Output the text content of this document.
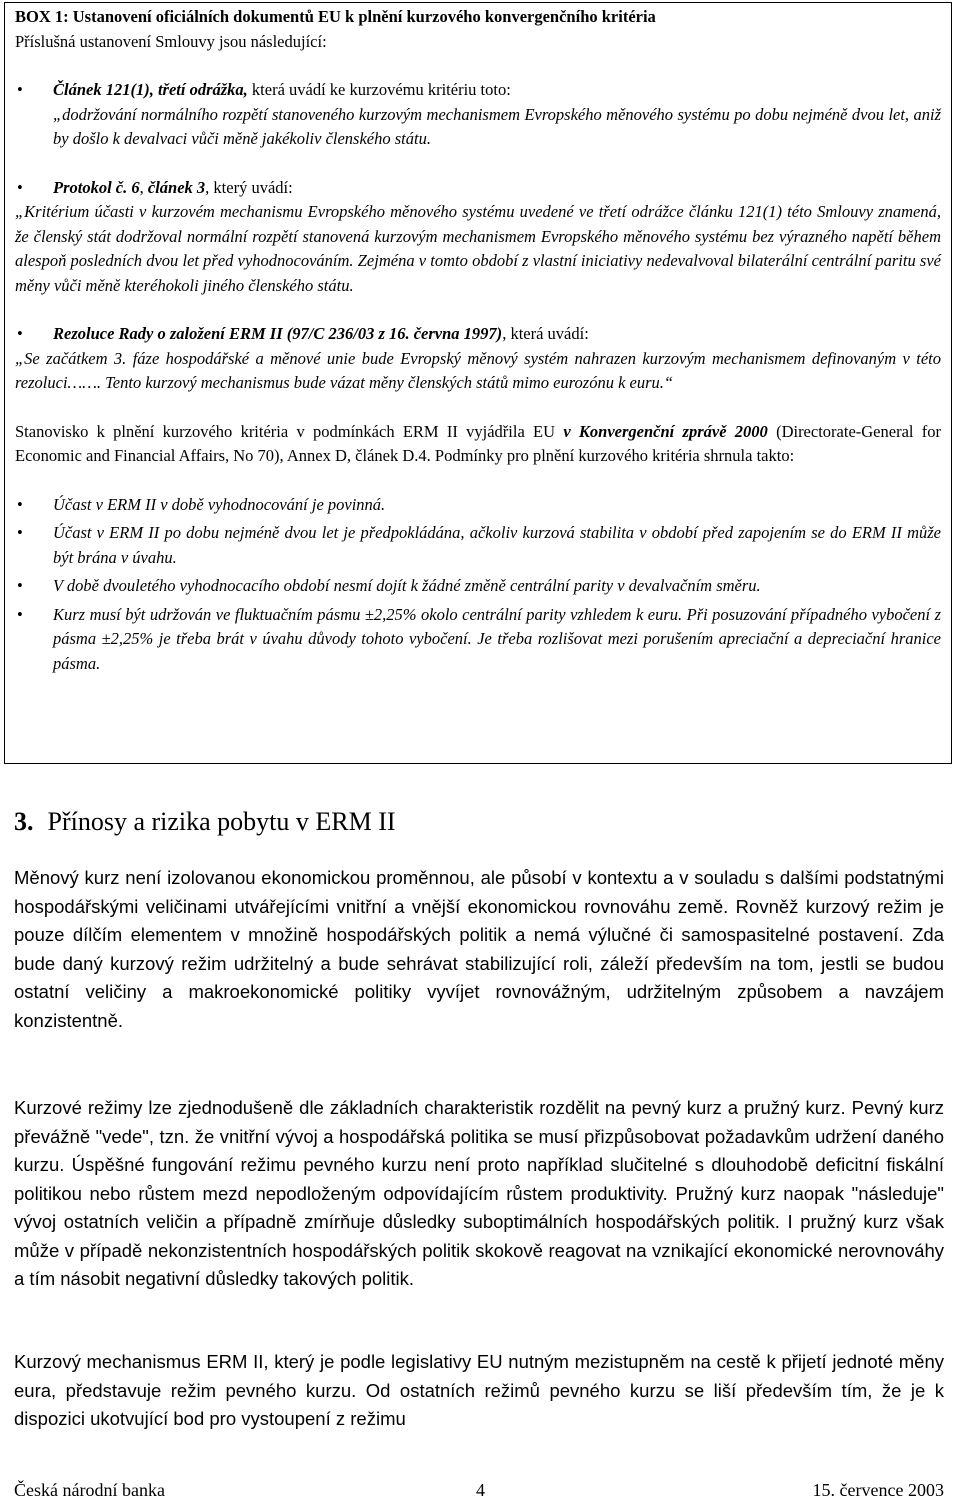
BOX 1: Ustanovení oficiálních dokumentů EU k plnění kurzového konvergenčního kritéria

Příslušná ustanovení Smlouvy jsou následující:

• Článek 121(1), třetí odrážka, která uvádí ke kurzovému kritériu toto:

„dodržování normálního rozpětí stanoveného kurzovým mechanismem Evropského měnového systému po dobu nejméně dvou let, aniž by došlo k devalvaci vůči měně jakékoliv členského státu.

• Protokol č. 6, článek 3, který uvádí:

„Kritérium účasti v kurzovém mechanismu Evropského měnového systému uvedené ve třetí odrážce článku 121(1) této Smlouvy znamená, že členský stát dodržoval normální rozpětí stanovená kurzovým mechanismem Evropského měnového systému bez výrazného napětí během alespoň posledních dvou let před vyhodnocováním. Zejména v tomto období z vlastní iniciativy nedevalvoval bilaterální centrální paritu své měny vůči měně kteréhokoli jiného členského státu.

• Rezoluce Rady o založení ERM II (97/C 236/03 z 16. června 1997), která uvádí:

„Se začátkem 3. fáze hospodářské a měnové unie bude Evropský měnový systém nahrazen kurzovým mechanismem definovaným v této rezoluci……. Tento kurzový mechanismus bude vázat měny členských států mimo eurozónu k euru.“

Stanovisko k plnění kurzového kritéria v podmínkách ERM II vyjádřila EU v Konvergenční zprávě 2000 (Directorate-General for Economic and Financial Affairs, No 70), Annex D, článek D.4. Podmínky pro plnění kurzového kritéria shrnula takto:

• Účast v ERM II v době vyhodnocování je povinná.

• Účast v ERM II po dobu nejméně dvou let je předpokládána, ačkoliv kurzová stabilita v období před zapojením se do ERM II může být brána v úvahu.

• V době dvouletého vyhodnocacího období nesmí dojít k žádné změně centrální parity v devalvačním směru.

• Kurz musí být udržován ve fluktuačním pásmu ±2,25% okolo centrální parity vzhledem k euru. Při posuzování případného vybočení z pásma ±2,25% je třeba brát v úvahu důvody tohoto vybočení. Je třeba rozlišovat mezi porušením apreciační a depreciační hranice pásma.

3. Přínosy a rizika pobytu v ERM II

Měnový kurz není izolovanou ekonomickou proměnnou, ale působí v kontextu a v souladu s dalšími podstatnými hospodářskými veličinami utvářejícími vnitřní a vnější ekonomickou rovnováhu země. Rovněž kurzový režim je pouze dílčím elementem v množině hospodářských politik a nemá výlučné či samospasitelné postavení. Zda bude daný kurzový režim udržitelný a bude sehrávat stabilizující roli, záleží především na tom, jestli se budou ostatní veličiny a makroekonomické politiky vyvíjet rovnovážným, udržitelným způsobem a navzájem konzistentně.

Kurzové režimy lze zjednodušeně dle základních charakteristik rozdělit na pevný kurz a pružný kurz. Pevný kurz převážně "vede", tzn. že vnitřní vývoj a hospodářská politika se musí přizpůsobovat požadavkům udržení daného kurzu. Úspěšné fungování režimu pevného kurzu není proto například slučitelné s dlouhodobě deficitní fiskální politikou nebo růstem mezd nepodloženým odpovídajícím růstem produktivity. Pružný kurz naopak "následuje" vývoj ostatních veličin a případně zmírňuje důsledky suboptimálních hospodářských politik. I pružný kurz však může v případě nekonzistentních hospodářských politik skokově reagovat na vznikající ekonomické nerovnováhy a tím násobit negativní důsledky takových politik.

Kurzový mechanismus ERM II, který je podle legislativy EU nutným mezistupněm na cestě k přijetí jednoté měny eura, představuje režim pevného kurzu. Od ostatních režimů pevného kurzu se liší především tím, že je k dispozici ukotvující bod pro vystoupení z režimu

Česká národní banka	4	15. července 2003
